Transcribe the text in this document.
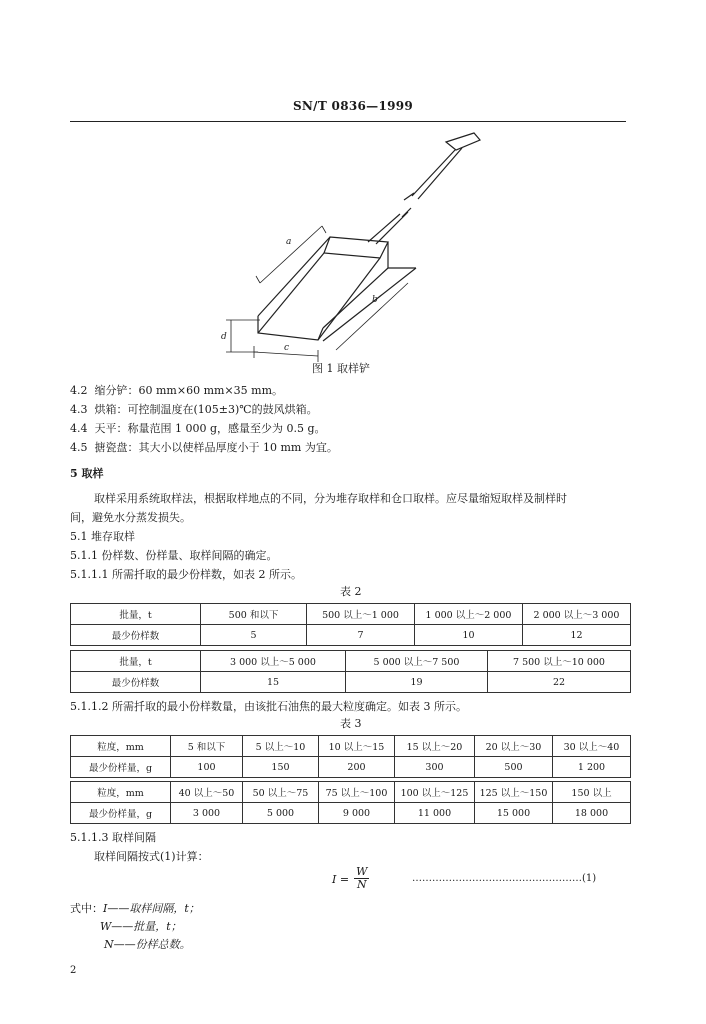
SN/T 0836—1999
a
b
c
d
图 1 取样铲
4.2 缩分铲：60 mm×60 mm×35 mm。
4.3 烘箱：可控制温度在(105±3)℃的鼓风烘箱。
4.4 天平：称量范围 1 000 g，感量至少为 0.5 g。
4.5 搪瓷盘：其大小以使样品厚度小于 10 mm 为宜。
5 取样
取样采用系统取样法，根据取样地点的不同，分为堆存取样和仓口取样。应尽量缩短取样及制样时
间，避免水分蒸发损失。
5.1 堆存取样
5.1.1 份样数、份样量、取样间隔的确定。
5.1.1.1 所需扦取的最少份样数，如表 2 所示。
表 2
批量，t	500 和以下	500 以上～1 000	1 000 以上～2 000	2 000 以上～3 000
最少份样数	5	7	10	12
批量，t	3 000 以上～5 000	5 000 以上～7 500	7 500 以上～10 000
最少份样数	15	19	22
5.1.1.2 所需扦取的最小份样数量，由该批石油焦的最大粒度确定。如表 3 所示。
表 3
粒度，mm	5 和以下	5 以上～10	10 以上～15	15 以上～20	20 以上～30	30 以上～40
最少份样量，g	100	150	200	300	500	1 200
粒度，mm	40 以上～50	50 以上～75	75 以上～100	100 以上～125	125 以上～150	150 以上
最少份样量，g	3 000	5 000	9 000	11 000	15 000	18 000
5.1.1.3 取样间隔
取样间隔按式(1)计算：
$I = \frac{W}{N}$	……………………………………………(1)
式中：I——取样间隔，t；
W——批量，t；
N——份样总数。
2
